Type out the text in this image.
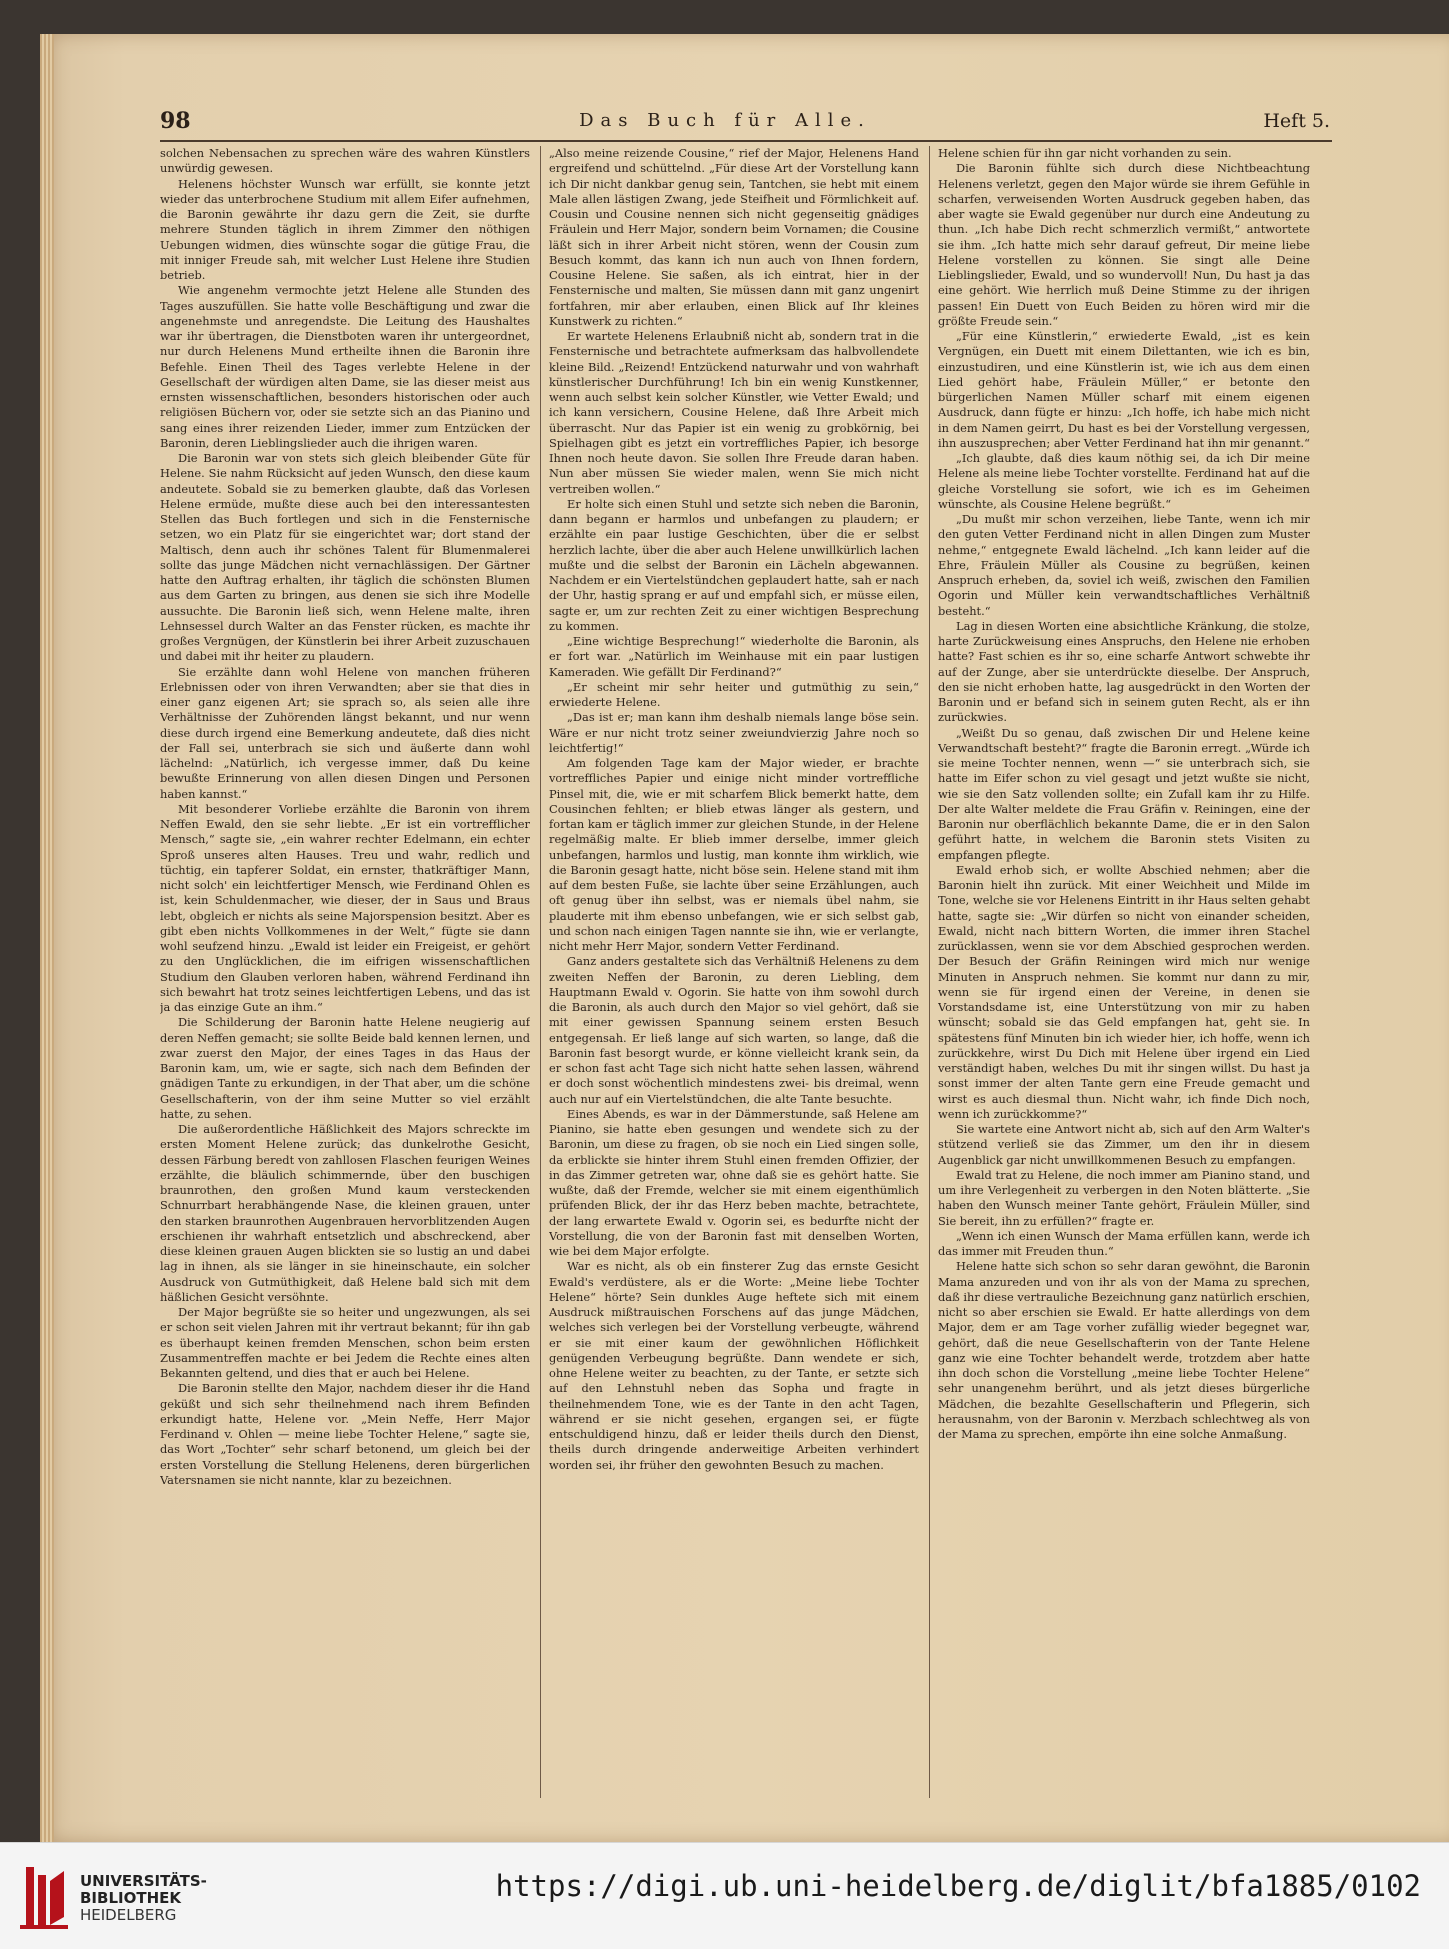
98	Das Buch für Alle.	Heft 5.

solchen Nebensachen zu sprechen wäre des wahren Künstlers unwürdig gewesen.

Helenens höchster Wunsch war erfüllt, sie konnte jetzt wieder das unterbrochene Studium mit allem Eifer aufnehmen, die Baronin gewährte ihr dazu gern die Zeit, sie durfte mehrere Stunden täglich in ihrem Zimmer den nöthigen Uebungen widmen, dies wünschte sogar die gütige Frau, die mit inniger Freude sah, mit welcher Lust Helene ihre Studien betrieb.

Wie angenehm vermochte jetzt Helene alle Stunden des Tages auszufüllen. Sie hatte volle Beschäftigung und zwar die angenehmste und anregendste. Die Leitung des Haushaltes war ihr übertragen, die Dienstboten waren ihr untergeordnet, nur durch Helenens Mund ertheilte ihnen die Baronin ihre Befehle. Einen Theil des Tages verlebte Helene in der Gesellschaft der würdigen alten Dame, sie las dieser meist aus ernsten wissenschaftlichen, besonders historischen oder auch religiösen Büchern vor, oder sie setzte sich an das Pianino und sang eines ihrer reizenden Lieder, immer zum Entzücken der Baronin, deren Lieblingslieder auch die ihrigen waren.

Die Baronin war von stets sich gleich bleibender Güte für Helene. Sie nahm Rücksicht auf jeden Wunsch, den diese kaum andeutete. Sobald sie zu bemerken glaubte, daß das Vorlesen Helene ermüde, mußte diese auch bei den interessantesten Stellen das Buch fortlegen und sich in die Fensternische setzen, wo ein Platz für sie eingerichtet war; dort stand der Maltisch, denn auch ihr schönes Talent für Blumenmalerei sollte das junge Mädchen nicht vernachlässigen. Der Gärtner hatte den Auftrag erhalten, ihr täglich die schönsten Blumen aus dem Garten zu bringen, aus denen sie sich ihre Modelle aussuchte. Die Baronin ließ sich, wenn Helene malte, ihren Lehnsessel durch Walter an das Fenster rücken, es machte ihr großes Vergnügen, der Künstlerin bei ihrer Arbeit zuzuschauen und dabei mit ihr heiter zu plaudern.

Sie erzählte dann wohl Helene von manchen früheren Erlebnissen oder von ihren Verwandten; aber sie that dies in einer ganz eigenen Art; sie sprach so, als seien alle ihre Verhältnisse der Zuhörenden längst bekannt, und nur wenn diese durch irgend eine Bemerkung andeutete, daß dies nicht der Fall sei, unterbrach sie sich und äußerte dann wohl lächelnd: „Natürlich, ich vergesse immer, daß Du keine bewußte Erinnerung von allen diesen Dingen und Personen haben kannst.“

Mit besonderer Vorliebe erzählte die Baronin von ihrem Neffen Ewald, den sie sehr liebte. „Er ist ein vortrefflicher Mensch,“ sagte sie, „ein wahrer rechter Edelmann, ein echter Sproß unseres alten Hauses. Treu und wahr, redlich und tüchtig, ein tapferer Soldat, ein ernster, thatkräftiger Mann, nicht solch' ein leichtfertiger Mensch, wie Ferdinand Ohlen es ist, kein Schuldenmacher, wie dieser, der in Saus und Braus lebt, obgleich er nichts als seine Majorspension besitzt. Aber es gibt eben nichts Vollkommenes in der Welt,“ fügte sie dann wohl seufzend hinzu. „Ewald ist leider ein Freigeist, er gehört zu den Unglücklichen, die im eifrigen wissenschaftlichen Studium den Glauben verloren haben, während Ferdinand ihn sich bewahrt hat trotz seines leichtfertigen Lebens, und das ist ja das einzige Gute an ihm.“

Die Schilderung der Baronin hatte Helene neugierig auf deren Neffen gemacht; sie sollte Beide bald kennen lernen, und zwar zuerst den Major, der eines Tages in das Haus der Baronin kam, um, wie er sagte, sich nach dem Befinden der gnädigen Tante zu erkundigen, in der That aber, um die schöne Gesellschafterin, von der ihm seine Mutter so viel erzählt hatte, zu sehen.

Die außerordentliche Häßlichkeit des Majors schreckte im ersten Moment Helene zurück; das dunkelrothe Gesicht, dessen Färbung beredt von zahllosen Flaschen feurigen Weines erzählte, die bläulich schimmernde, über den buschigen braunrothen, den großen Mund kaum versteckenden Schnurrbart herabhängende Nase, die kleinen grauen, unter den starken braunrothen Augenbrauen hervorblitzenden Augen erschienen ihr wahrhaft entsetzlich und abschreckend, aber diese kleinen grauen Augen blickten sie so lustig an und dabei lag in ihnen, als sie länger in sie hineinschaute, ein solcher Ausdruck von Gutmüthigkeit, daß Helene bald sich mit dem häßlichen Gesicht versöhnte.

Der Major begrüßte sie so heiter und ungezwungen, als sei er schon seit vielen Jahren mit ihr vertraut bekannt; für ihn gab es überhaupt keinen fremden Menschen, schon beim ersten Zusammentreffen machte er bei Jedem die Rechte eines alten Bekannten geltend, und dies that er auch bei Helene.

Die Baronin stellte den Major, nachdem dieser ihr die Hand geküßt und sich sehr theilnehmend nach ihrem Befinden erkundigt hatte, Helene vor. „Mein Neffe, Herr Major Ferdinand v. Ohlen — meine liebe Tochter Helene,“ sagte sie, das Wort „Tochter“ sehr scharf betonend, um gleich bei der ersten Vorstellung die Stellung Helenens, deren bürgerlichen Vatersnamen sie nicht nannte, klar zu bezeichnen.

„Also meine reizende Cousine,“ rief der Major, Helenens Hand ergreifend und schüttelnd. „Für diese Art der Vorstellung kann ich Dir nicht dankbar genug sein, Tantchen, sie hebt mit einem Male allen lästigen Zwang, jede Steifheit und Förmlichkeit auf. Cousin und Cousine nennen sich nicht gegenseitig gnädiges Fräulein und Herr Major, sondern beim Vornamen; die Cousine läßt sich in ihrer Arbeit nicht stören, wenn der Cousin zum Besuch kommt, das kann ich nun auch von Ihnen fordern, Cousine Helene. Sie saßen, als ich eintrat, hier in der Fensternische und malten, Sie müssen dann mit ganz ungenirt fortfahren, mir aber erlauben, einen Blick auf Ihr kleines Kunstwerk zu richten.“

Er wartete Helenens Erlaubniß nicht ab, sondern trat in die Fensternische und betrachtete aufmerksam das halbvollendete kleine Bild. „Reizend! Entzückend naturwahr und von wahrhaft künstlerischer Durchführung! Ich bin ein wenig Kunstkenner, wenn auch selbst kein solcher Künstler, wie Vetter Ewald; und ich kann versichern, Cousine Helene, daß Ihre Arbeit mich überrascht. Nur das Papier ist ein wenig zu grobkörnig, bei Spielhagen gibt es jetzt ein vortreffliches Papier, ich besorge Ihnen noch heute davon. Sie sollen Ihre Freude daran haben. Nun aber müssen Sie wieder malen, wenn Sie mich nicht vertreiben wollen.“

Er holte sich einen Stuhl und setzte sich neben die Baronin, dann begann er harmlos und unbefangen zu plaudern; er erzählte ein paar lustige Geschichten, über die er selbst herzlich lachte, über die aber auch Helene unwillkürlich lachen mußte und die selbst der Baronin ein Lächeln abgewannen. Nachdem er ein Viertelstündchen geplaudert hatte, sah er nach der Uhr, hastig sprang er auf und empfahl sich, er müsse eilen, sagte er, um zur rechten Zeit zu einer wichtigen Besprechung zu kommen.

„Eine wichtige Besprechung!“ wiederholte die Baronin, als er fort war. „Natürlich im Weinhause mit ein paar lustigen Kameraden. Wie gefällt Dir Ferdinand?“

„Er scheint mir sehr heiter und gutmüthig zu sein,“ erwiederte Helene.

„Das ist er; man kann ihm deshalb niemals lange böse sein. Wäre er nur nicht trotz seiner zweiundvierzig Jahre noch so leichtfertig!“

Am folgenden Tage kam der Major wieder, er brachte vortreffliches Papier und einige nicht minder vortreffliche Pinsel mit, die, wie er mit scharfem Blick bemerkt hatte, dem Cousinchen fehlten; er blieb etwas länger als gestern, und fortan kam er täglich immer zur gleichen Stunde, in der Helene regelmäßig malte. Er blieb immer derselbe, immer gleich unbefangen, harmlos und lustig, man konnte ihm wirklich, wie die Baronin gesagt hatte, nicht böse sein. Helene stand mit ihm auf dem besten Fuße, sie lachte über seine Erzählungen, auch oft genug über ihn selbst, was er niemals übel nahm, sie plauderte mit ihm ebenso unbefangen, wie er sich selbst gab, und schon nach einigen Tagen nannte sie ihn, wie er verlangte, nicht mehr Herr Major, sondern Vetter Ferdinand.

Ganz anders gestaltete sich das Verhältniß Helenens zu dem zweiten Neffen der Baronin, zu deren Liebling, dem Hauptmann Ewald v. Ogorin. Sie hatte von ihm sowohl durch die Baronin, als auch durch den Major so viel gehört, daß sie mit einer gewissen Spannung seinem ersten Besuch entgegensah. Er ließ lange auf sich warten, so lange, daß die Baronin fast besorgt wurde, er könne vielleicht krank sein, da er schon fast acht Tage sich nicht hatte sehen lassen, während er doch sonst wöchentlich mindestens zwei- bis dreimal, wenn auch nur auf ein Viertelstündchen, die alte Tante besuchte.

Eines Abends, es war in der Dämmerstunde, saß Helene am Pianino, sie hatte eben gesungen und wendete sich zu der Baronin, um diese zu fragen, ob sie noch ein Lied singen solle, da erblickte sie hinter ihrem Stuhl einen fremden Offizier, der in das Zimmer getreten war, ohne daß sie es gehört hatte. Sie wußte, daß der Fremde, welcher sie mit einem eigenthümlich prüfenden Blick, der ihr das Herz beben machte, betrachtete, der lang erwartete Ewald v. Ogorin sei, es bedurfte nicht der Vorstellung, die von der Baronin fast mit denselben Worten, wie bei dem Major erfolgte.

War es nicht, als ob ein finsterer Zug das ernste Gesicht Ewald's verdüstere, als er die Worte: „Meine liebe Tochter Helene“ hörte? Sein dunkles Auge heftete sich mit einem Ausdruck mißtrauischen Forschens auf das junge Mädchen, welches sich verlegen bei der Vorstellung verbeugte, während er sie mit einer kaum der gewöhnlichen Höflichkeit genügenden Verbeugung begrüßte. Dann wendete er sich, ohne Helene weiter zu beachten, zu der Tante, er setzte sich auf den Lehnstuhl neben das Sopha und fragte in theilnehmendem Tone, wie es der Tante in den acht Tagen, während er sie nicht gesehen, ergangen sei, er fügte entschuldigend hinzu, daß er leider theils durch den Dienst, theils durch dringende anderweitige Arbeiten verhindert worden sei, ihr früher den gewohnten Besuch zu machen.

Helene schien für ihn gar nicht vorhanden zu sein.

Die Baronin fühlte sich durch diese Nichtbeachtung Helenens verletzt, gegen den Major würde sie ihrem Gefühle in scharfen, verweisenden Worten Ausdruck gegeben haben, das aber wagte sie Ewald gegenüber nur durch eine Andeutung zu thun. „Ich habe Dich recht schmerzlich vermißt,“ antwortete sie ihm. „Ich hatte mich sehr darauf gefreut, Dir meine liebe Helene vorstellen zu können. Sie singt alle Deine Lieblingslieder, Ewald, und so wundervoll! Nun, Du hast ja das eine gehört. Wie herrlich muß Deine Stimme zu der ihrigen passen! Ein Duett von Euch Beiden zu hören wird mir die größte Freude sein.“

„Für eine Künstlerin,“ erwiederte Ewald, „ist es kein Vergnügen, ein Duett mit einem Dilettanten, wie ich es bin, einzustudiren, und eine Künstlerin ist, wie ich aus dem einen Lied gehört habe, Fräulein Müller,“ er betonte den bürgerlichen Namen Müller scharf mit einem eigenen Ausdruck, dann fügte er hinzu: „Ich hoffe, ich habe mich nicht in dem Namen geirrt, Du hast es bei der Vorstellung vergessen, ihn auszusprechen; aber Vetter Ferdinand hat ihn mir genannt.“

„Ich glaubte, daß dies kaum nöthig sei, da ich Dir meine Helene als meine liebe Tochter vorstellte. Ferdinand hat auf die gleiche Vorstellung sie sofort, wie ich es im Geheimen wünschte, als Cousine Helene begrüßt.“

„Du mußt mir schon verzeihen, liebe Tante, wenn ich mir den guten Vetter Ferdinand nicht in allen Dingen zum Muster nehme,“ entgegnete Ewald lächelnd. „Ich kann leider auf die Ehre, Fräulein Müller als Cousine zu begrüßen, keinen Anspruch erheben, da, soviel ich weiß, zwischen den Familien Ogorin und Müller kein verwandtschaftliches Verhältniß besteht.“

Lag in diesen Worten eine absichtliche Kränkung, die stolze, harte Zurückweisung eines Anspruchs, den Helene nie erhoben hatte? Fast schien es ihr so, eine scharfe Antwort schwebte ihr auf der Zunge, aber sie unterdrückte dieselbe. Der Anspruch, den sie nicht erhoben hatte, lag ausgedrückt in den Worten der Baronin und er befand sich in seinem guten Recht, als er ihn zurückwies.

„Weißt Du so genau, daß zwischen Dir und Helene keine Verwandtschaft besteht?“ fragte die Baronin erregt. „Würde ich sie meine Tochter nennen, wenn —“ sie unterbrach sich, sie hatte im Eifer schon zu viel gesagt und jetzt wußte sie nicht, wie sie den Satz vollenden sollte; ein Zufall kam ihr zu Hilfe. Der alte Walter meldete die Frau Gräfin v. Reiningen, eine der Baronin nur oberflächlich bekannte Dame, die er in den Salon geführt hatte, in welchem die Baronin stets Visiten zu empfangen pflegte.

Ewald erhob sich, er wollte Abschied nehmen; aber die Baronin hielt ihn zurück. Mit einer Weichheit und Milde im Tone, welche sie vor Helenens Eintritt in ihr Haus selten gehabt hatte, sagte sie: „Wir dürfen so nicht von einander scheiden, Ewald, nicht nach bittern Worten, die immer ihren Stachel zurücklassen, wenn sie vor dem Abschied gesprochen werden. Der Besuch der Gräfin Reiningen wird mich nur wenige Minuten in Anspruch nehmen. Sie kommt nur dann zu mir, wenn sie für irgend einen der Vereine, in denen sie Vorstandsdame ist, eine Unterstützung von mir zu haben wünscht; sobald sie das Geld empfangen hat, geht sie. In spätestens fünf Minuten bin ich wieder hier, ich hoffe, wenn ich zurückkehre, wirst Du Dich mit Helene über irgend ein Lied verständigt haben, welches Du mit ihr singen willst. Du hast ja sonst immer der alten Tante gern eine Freude gemacht und wirst es auch diesmal thun. Nicht wahr, ich finde Dich noch, wenn ich zurückkomme?“

Sie wartete eine Antwort nicht ab, sich auf den Arm Walter's stützend verließ sie das Zimmer, um den ihr in diesem Augenblick gar nicht unwillkommenen Besuch zu empfangen.

Ewald trat zu Helene, die noch immer am Pianino stand, und um ihre Verlegenheit zu verbergen in den Noten blätterte. „Sie haben den Wunsch meiner Tante gehört, Fräulein Müller, sind Sie bereit, ihn zu erfüllen?“ fragte er.

„Wenn ich einen Wunsch der Mama erfüllen kann, werde ich das immer mit Freuden thun.“

Helene hatte sich schon so sehr daran gewöhnt, die Baronin Mama anzureden und von ihr als von der Mama zu sprechen, daß ihr diese vertrauliche Bezeichnung ganz natürlich erschien, nicht so aber erschien sie Ewald. Er hatte allerdings von dem Major, dem er am Tage vorher zufällig wieder begegnet war, gehört, daß die neue Gesellschafterin von der Tante Helene ganz wie eine Tochter behandelt werde, trotzdem aber hatte ihn doch schon die Vorstellung „meine liebe Tochter Helene“ sehr unangenehm berührt, und als jetzt dieses bürgerliche Mädchen, die bezahlte Gesellschafterin und Pflegerin, sich herausnahm, von der Baronin v. Merzbach schlechtweg als von der Mama zu sprechen, empörte ihn eine solche Anmaßung.

UNIVERSITÄTS-
BIBLIOTHEK
HEIDELBERG
https://digi.ub.uni-heidelberg.de/diglit/bfa1885/0102
